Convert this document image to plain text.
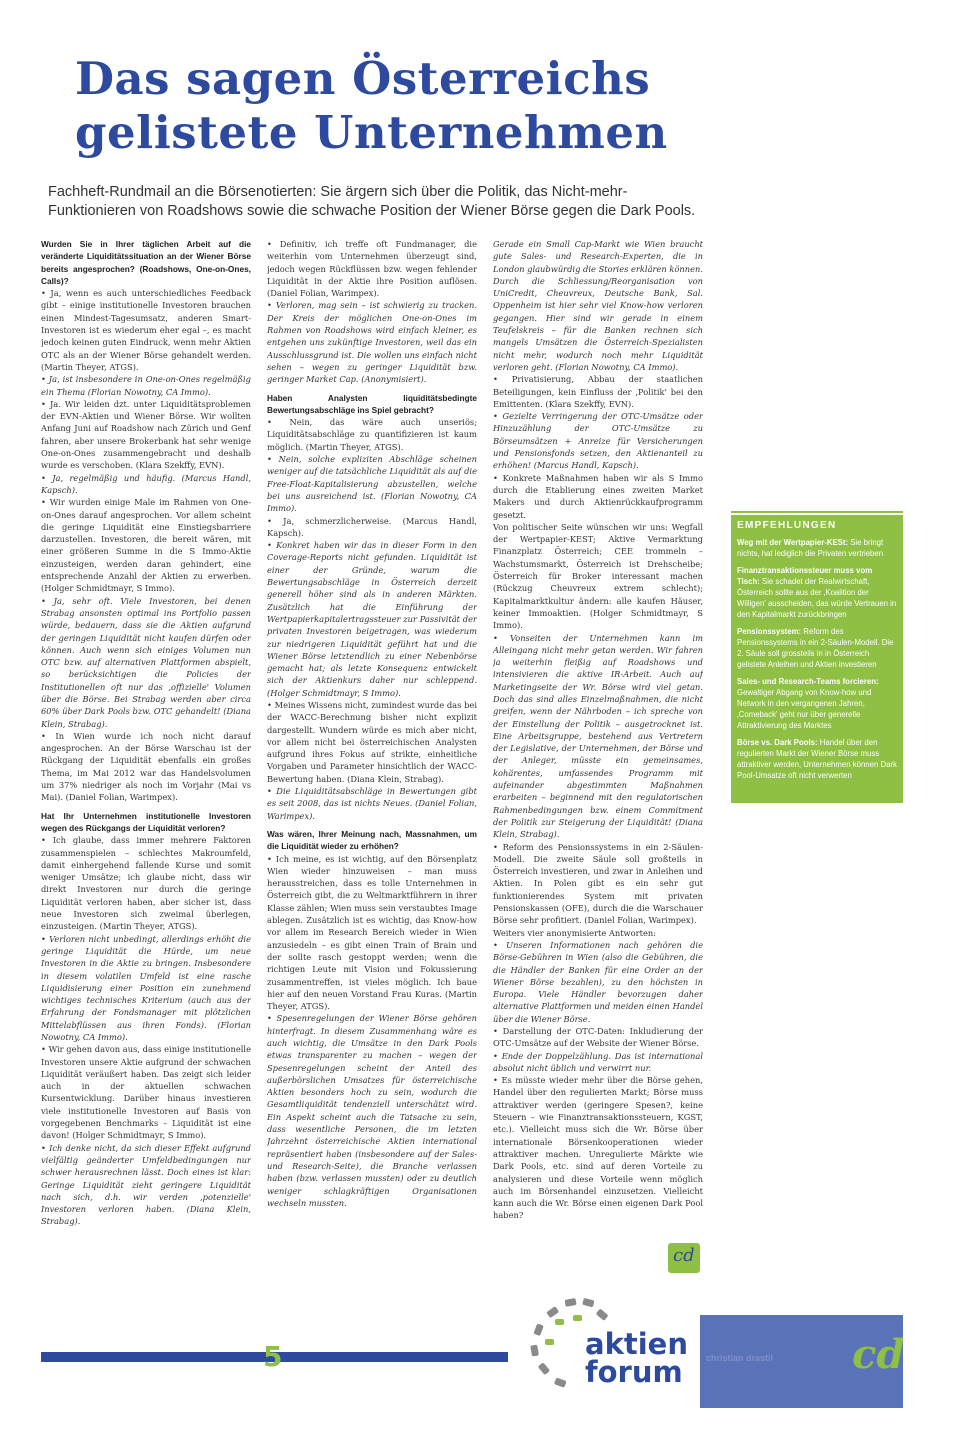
Das sagen Österreichs
gelistete Unternehmen

Fachheft-Rundmail an die Börsenotierten: Sie ärgern sich über die Politik, das Nicht-mehr-Funktionieren von Roadshows sowie die schwache Position der Wiener Börse gegen die Dark Pools.

Wurden Sie in Ihrer täglichen Arbeit auf die veränderte Liquiditätssituation an der Wiener Börse bereits angesprochen? (Roadshows, One-on-Ones, Calls)?

• Ja, wenn es auch unterschiedliches Feedback gibt – einige institutionelle Investoren brauchen einen Mindest-Tagesumsatz, anderen Smart-Investoren ist es wiederum eher egal –, es macht jedoch keinen guten Eindruck, wenn mehr Aktien OTC als an der Wiener Börse gehandelt werden. (Martin Theyer, ATGS).

• Ja, ist insbesondere in One-on-Ones regelmäßig ein Thema (Florian Nowotny, CA Immo).

• Ja. Wir leiden dzt. unter Liquiditätsproblemen der EVN-Aktien und Wiener Börse. Wir wollten Anfang Juni auf Roadshow nach Zürich und Genf fahren, aber unsere Brokerbank hat sehr wenige One-on-Ones zusammengebracht und deshalb wurde es verschoben. (Klara Szekffy, EVN).

• Ja, regelmäßig und häufig. (Marcus Handl, Kapsch).

• Wir wurden einige Male im Rahmen von One-on-Ones darauf angesprochen. Vor allem scheint die geringe Liquidität eine Einstiegsbarriere darzustellen. Investoren, die bereit wären, mit einer größeren Summe in die S Immo-Aktie einzusteigen, werden daran gehindert, eine entsprechende Anzahl der Aktien zu erwerben. (Holger Schmidtmayr, S Immo).

• Ja, sehr oft. Viele Investoren, bei denen Strabag ansonsten optimal ins Portfolio passen würde, bedauern, dass sie die Aktien aufgrund der geringen Liquidität nicht kaufen dürfen oder können. Auch wenn sich einiges Volumen nun OTC bzw. auf alternativen Plattformen abspielt, so berücksichtigen die Policies der Institutionellen oft nur das ‚offizielle' Volumen über die Börse. Bei Strabag werden aber circa 60% über Dark Pools bzw. OTC gehandelt! (Diana Klein, Strabag).

• In Wien wurde ich noch nicht darauf angesprochen. An der Börse Warschau ist der Rückgang der Liquidität ebenfalls ein großes Thema, im Mai 2012 war das Handelsvolumen um 37% niedriger als noch im Vorjahr (Mai vs Mai). (Daniel Folian, Warimpex).

Hat Ihr Unternehmen institutionelle Investoren wegen des Rückgangs der Liquidität verloren?

• Ich glaube, dass immer mehrere Faktoren zusammenspielen – schlechtes Makroumfeld, damit einhergehend fallende Kurse und somit weniger Umsätze; ich glaube nicht, dass wir direkt Investoren nur durch die geringe Liquidität verloren haben, aber sicher ist, dass neue Investoren sich zweimal überlegen, einzusteigen. (Martin Theyer, ATGS).

• Verloren nicht unbedingt, allerdings erhöht die geringe Liquidität die Hürde, um neue Investoren in die Aktie zu bringen. Insbesondere in diesem volatilen Umfeld ist eine rasche Liquidisierung einer Position ein zunehmend wichtiges technisches Kriterium (auch aus der Erfahrung der Fondsmanager mit plötzlichen Mittelabflüssen aus ihren Fonds). (Florian Nowotny, CA Immo).

• Wir gehen davon aus, dass einige institutionelle Investoren unsere Aktie aufgrund der schwachen Liquidität veräußert haben. Das zeigt sich leider auch in der aktuellen schwachen Kursentwicklung. Darüber hinaus investieren viele institutionelle Investoren auf Basis von vorgegebenen Benchmarks – Liquidität ist eine davon! (Holger Schmidtmayr, S Immo).

• Ich denke nicht, da sich dieser Effekt aufgrund vielfältig geänderter Umfeldbedingungen nur schwer herausrechnen lässt. Doch eines ist klar: Geringe Liquidität zieht geringere Liquidität nach sich, d.h. wir verden ‚potenzielle' Investoren verloren haben. (Diana Klein, Strabag).

• Definitiv, ich treffe oft Fundmanager, die weiterhin vom Unternehmen überzeugt sind, jedoch wegen Rückflüssen bzw. wegen fehlender Liquidität in der Aktie ihre Position auflösen. (Daniel Folian, Warimpex).

• Verloren, mag sein – ist schwierig zu tracken. Der Kreis der möglichen One-on-Ones im Rahmen von Roadshows wird einfach kleiner, es entgehen uns zukünftige Investoren, weil das ein Ausschlussgrund ist. Die wollen uns einfach nicht sehen – wegen zu geringer Liquidität bzw. geringer Market Cap. (Anonymisiert).

Haben Analysten liquiditätsbedingte Bewertungsabschläge ins Spiel gebracht?

• Nein, das wäre auch unseriös; Liquiditätsabschläge zu quantifizieren ist kaum möglich. (Martin Theyer, ATGS).

• Nein, solche expliziten Abschläge scheinen weniger auf die tatsächliche Liquidität als auf die Free-Float-Kapitalisierung abzustellen, welche bei uns ausreichend ist. (Florian Nowotny, CA Immo).

• Ja, schmerzlicherweise. (Marcus Handl, Kapsch).

• Konkret haben wir das in dieser Form in den Coverage-Reports nicht gefunden. Liquidität ist einer der Gründe, warum die Bewertungsabschläge in Österreich derzeit generell höher sind als in anderen Märkten. Zusätzlich hat die Einführung der Wertpapierkapitalertragssteuer zur Passivität der privaten Investoren beigetragen, was wiederum zur niedrigeren Liquidität geführt hat und die Wiener Börse letztendlich zu einer Nebenbörse gemacht hat; als letzte Konsequenz entwickelt sich der Aktienkurs daher nur schleppend. (Holger Schmidtmayr, S Immo).

• Meines Wissens nicht, zumindest wurde das bei der WACC-Berechnung bisher nicht explizit dargestellt. Wundern würde es mich aber nicht, vor allem nicht bei österreichischen Analysten aufgrund ihres Fokus auf strikte, einheitliche Vorgaben und Parameter hinsichtlich der WACC-Bewertung haben. (Diana Klein, Strabag).

• Die Liquiditätsabschläge in Bewertungen gibt es seit 2008, das ist nichts Neues. (Daniel Folian, Warimpex).

Was wären, Ihrer Meinung nach, Massnahmen, um die Liquidität wieder zu erhöhen?

• Ich meine, es ist wichtig, auf den Börsenplatz Wien wieder hinzuweisen – man muss herausstreichen, dass es tolle Unternehmen in Österreich gibt, die zu Weltmarktführern in ihrer Klasse zählen; Wien muss sein verstaubtes Image ablegen. Zusätzlich ist es wichtig, das Know-how vor allem im Research Bereich wieder in Wien anzusiedeln – es gibt einen Train of Brain und der sollte rasch gestoppt werden; wenn die richtigen Leute mit Vision und Fokussierung zusammentreffen, ist vieles möglich. Ich baue hier auf den neuen Vorstand Frau Kuras. (Martin Theyer, ATGS).

• Spesenregelungen der Wiener Börse gehören hinterfragt. In diesem Zusammenhang wäre es auch wichtig, die Umsätze in den Dark Pools etwas transparenter zu machen – wegen der Spesenregelungen scheint der Anteil des außerbörslichen Umsatzes für österreichische Aktien besonders hoch zu sein, wodurch die Gesamtliquidität tendenziell unterschätzt wird. Ein Aspekt scheint auch die Tatsache zu sein, dass wesentliche Personen, die im letzten Jahrzehnt österreichische Aktien international repräsentiert haben (insbesondere auf der Sales- und Research-Seite), die Branche verlassen haben (bzw. verlassen mussten) oder zu deutlich weniger schlagkräftigen Organisationen wechseln mussten.

Gerade ein Small Cap-Markt wie Wien braucht gute Sales- und Research-Experten, die in London glaubwürdig die Stories erklären können. Durch die Schliessung/Reorganisation von UniCredit, Cheuvreux, Deutsche Bank, Sal. Oppenheim ist hier sehr viel Know-how verloren gegangen. Hier sind wir gerade in einem Teufelskreis – für die Banken rechnen sich mangels Umsätzen die Österreich-Spezialisten nicht mehr, wodurch noch mehr Liquidität verloren geht. (Florian Nowotny, CA Immo).

• Privatisierung, Abbau der staatlichen Beteiligungen, kein Einfluss der ‚Politik' bei den Emittenten. (Klara Szekffy, EVN).

• Gezielte Verringerung der OTC-Umsätze oder Hinzuzählung der OTC-Umsätze zu Börseumsätzen + Anreize für Versicherungen und Pensionsfonds setzen, den Aktienanteil zu erhöhen! (Marcus Handl, Kapsch).

• Konkrete Maßnahmen haben wir als S Immo durch die Etablierung eines zweiten Market Makers und durch Aktienrückkaufprogramm gesetzt.

Von politischer Seite wünschen wir uns: Wegfall der Wertpapier-KEST; Aktive Vermarktung Finanzplatz Österreich; CEE trommeln – Wachstumsmarkt, Österreich ist Drehscheibe; Österreich für Broker interessant machen (Rückzug Cheuvreux extrem schlecht); Kapitalmarktkultur ändern: alle kaufen Häuser, keiner Immoaktien. (Holger Schmidtmayr, S Immo).

• Vonseiten der Unternehmen kann im Alleingang nicht mehr getan werden. Wir fahren ja weiterhin fleißig auf Roadshows und intensivieren die aktive IR-Arbeit. Auch auf Marketingseite der Wr. Börse wird viel getan. Doch das sind alles Einzelmaßnahmen, die nicht greifen, wenn der Nährboden – ich spreche von der Einstellung der Politik – ausgetrocknet ist. Eine Arbeitsgruppe, bestehend aus Vertretern der Legislative, der Unternehmen, der Börse und der Anleger, müsste ein gemeinsames, kohärentes, umfassendes Programm mit aufeinander abgestimmten Maßnahmen erarbeiten – beginnend mit den regulatorischen Rahmenbedingungen bzw. einem Commitment der Politik zur Steigerung der Liquidität! (Diana Klein, Strabag).

• Reform des Pensionssystems in ein 2-Säulen-Modell. Die zweite Säule soll großteils in Österreich investieren, und zwar in Anleihen und Aktien. In Polen gibt es ein sehr gut funktionierendes System mit privaten Pensionskassen (OFE), durch die die Warschauer Börse sehr profitiert. (Daniel Folian, Warimpex).

Weiters vier anonymisierte Antworten:

• Unseren Informationen nach gehören die Börse-Gebühren in Wien (also die Gebühren, die die Händler der Banken für eine Order an der Wiener Börse bezahlen), zu den höchsten in Europa. Viele Händler bevorzugen daher alternative Plattformen und meiden einen Handel über die Wiener Börse.

• Darstellung der OTC-Daten: Inkludierung der OTC-Umsätze auf der Website der Wiener Börse.

• Ende der Doppelzählung. Das ist international absolut nicht üblich und verwirrt nur.

• Es müsste wieder mehr über die Börse gehen, Handel über den regulierten Markt; Börse muss attraktiver werden (geringere Spesen?, keine Steuern – wie Finanztransaktionssteuern, KGST, etc.). Vielleicht muss sich die Wr. Börse über internationale Börsenkooperationen wieder attraktiver machen. Unregulierte Märkte wie Dark Pools, etc. sind auf deren Vorteile zu analysieren und diese Vorteile wenn möglich auch im Börsenhandel einzusetzen. Vielleicht kann auch die Wr. Börse einen eigenen Dark Pool haben?

cd
EMPFEHLUNGEN
Weg mit der Wertpapier-KESt: Sie bringt nichts, hat lediglich die Privaten vertrieben
Finanztransaktionssteuer muss vom Tisch: Sie schadet der Realwirtschaft, Österreich sollte aus der ‚Koalition der Willigen' ausscheiden, das würde Vertrauen in den Kapitalmarkt zurückbringen
Pensionssystem: Reform des Pensionssystems in ein 2-Säulen-Modell. Die 2. Säule soll grossteils in in Österreich gelistete Anleihen und Aktien investieren
Sales- und Research-Teams forcieren: Gewaltiger Abgang von Know-how und Network in den vergangenen Jahren, ‚Comeback' geht nur über generelle Attraktivierung des Marktes
Börse vs. Dark Pools: Handel über den regulierten Markt der Wiener Börse muss attraktiver werden, Unternehmen können Dark Pool-Umsatze oft nicht verwerten
5	aktien
forum	christian drastil cd
